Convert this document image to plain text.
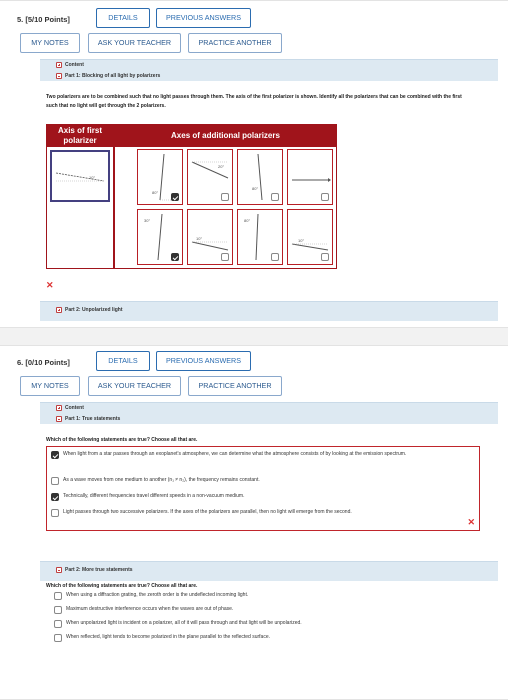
5. [5/10 Points]	DETAILS	PREVIOUS ANSWERS
MY NOTES	ASK YOUR TEACHER	PRACTICE ANOTHER
Content
Part 1: Blocking of all light by polarizers
Two polarizers are to be combined such that no light passes through them. The axis of the first polarizer is shown. Identify all the polarizers that can be combined with the first such that no light will get through the 2 polarizers.
Axis of first polarizer
Axes of additional polarizers
10°
80°
20°
80°
30°
10°
80°
10°
✕
Part 2: Unpolarized light
6. [0/10 Points]	DETAILS	PREVIOUS ANSWERS
MY NOTES	ASK YOUR TEACHER	PRACTICE ANOTHER
Content
Part 1: True statements
Which of the following statements are true? Choose all that are.
When light from a star passes through an exoplanet's atmosphere, we can determine what the atmosphere consists of by looking at the emission spectrum.
As a wave moves from one medium to another (n₁ ≠ n₂), the frequency remains constant.
Technically, different frequencies travel different speeds in a non-vacuum medium.
Light passes through two successive polarizers. If the axes of the polarizers are parallel, then no light will emerge from the second.
✕
Part 2: More true statements
Which of the following statements are true? Choose all that are.
When using a diffraction grating, the zeroth order is the undeflected incoming light.
Maximum destructive interference occurs when the waves are out of phase.
When unpolarized light is incident on a polarizer, all of it will pass through and that light will be unpolarized.
When reflected, light tends to become polarized in the plane parallel to the reflected surface.
